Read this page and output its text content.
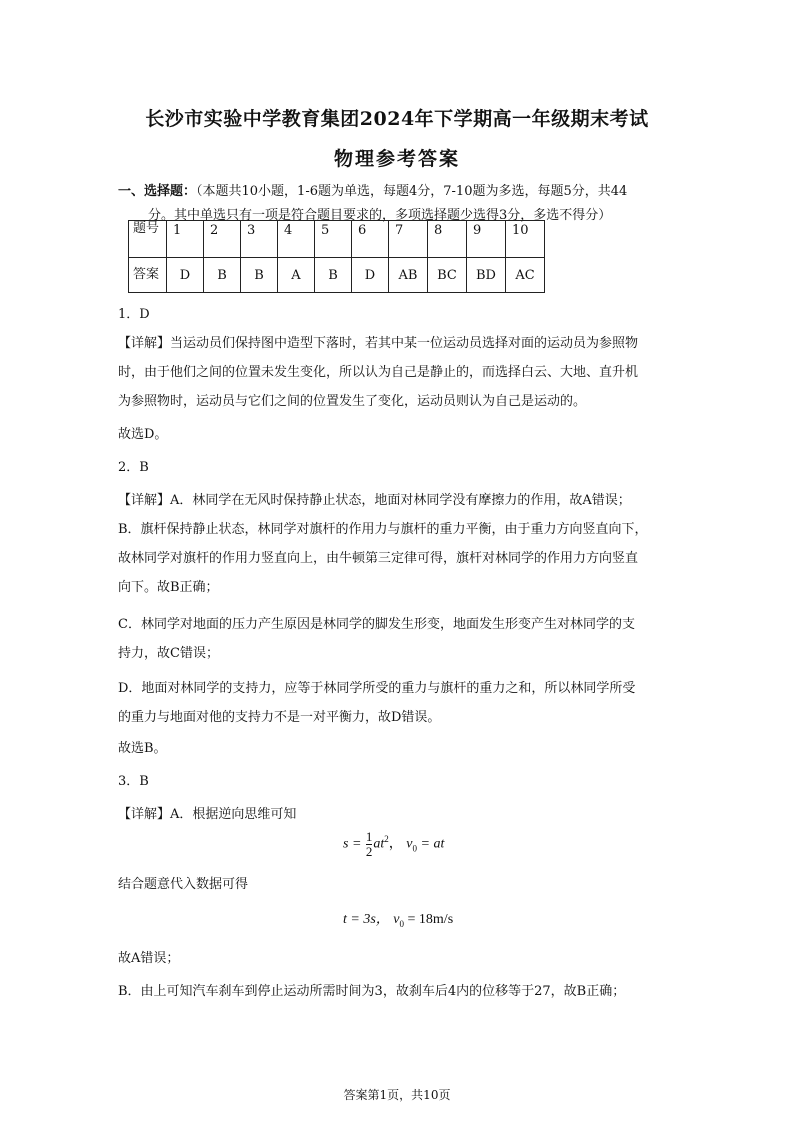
长沙市实验中学教育集团2024年下学期高一年级期末考试
物理参考答案
一、选择题：（本题共10小题，1-6题为单选，每题4分，7-10题为多选，每题5分，共44
分。其中单选只有一项是符合题目要求的，多项选择题少选得3分，多选不得分）
题号	1	2	3	4	5	6	7	8	9	10
答案	D	B	B	A	B	D	AB	BC	BD	AC
1．D
【详解】当运动员们保持图中造型下落时，若其中某一位运动员选择对面的运动员为参照物
时，由于他们之间的位置未发生变化，所以认为自己是静止的，而选择白云、大地、直升机
为参照物时，运动员与它们之间的位置发生了变化，运动员则认为自己是运动的。
故选D。
2．B
【详解】A．林同学在无风时保持静止状态，地面对林同学没有摩擦力的作用，故A错误；
B．旗杆保持静止状态，林同学对旗杆的作用力与旗杆的重力平衡，由于重力方向竖直向下，
故林同学对旗杆的作用力竖直向上，由牛顿第三定律可得，旗杆对林同学的作用力方向竖直
向下。故B正确；
C．林同学对地面的压力产生原因是林同学的脚发生形变，地面发生形变产生对林同学的支
持力，故C错误；
D．地面对林同学的支持力，应等于林同学所受的重力与旗杆的重力之和，所以林同学所受
的重力与地面对他的支持力不是一对平衡力，故D错误。
故选B。
3．B
【详解】A．根据逆向思维可知
$s = \frac{1}{2} at^2$， $v_0$ = at
结合题意代入数据可得
t = 3s， $v_0 = 18m/s$
故A错误；
B．由上可知汽车刹车到停止运动所需时间为3，故刹车后4内的位移等于27，故B正确；
答案第1页，共10页
